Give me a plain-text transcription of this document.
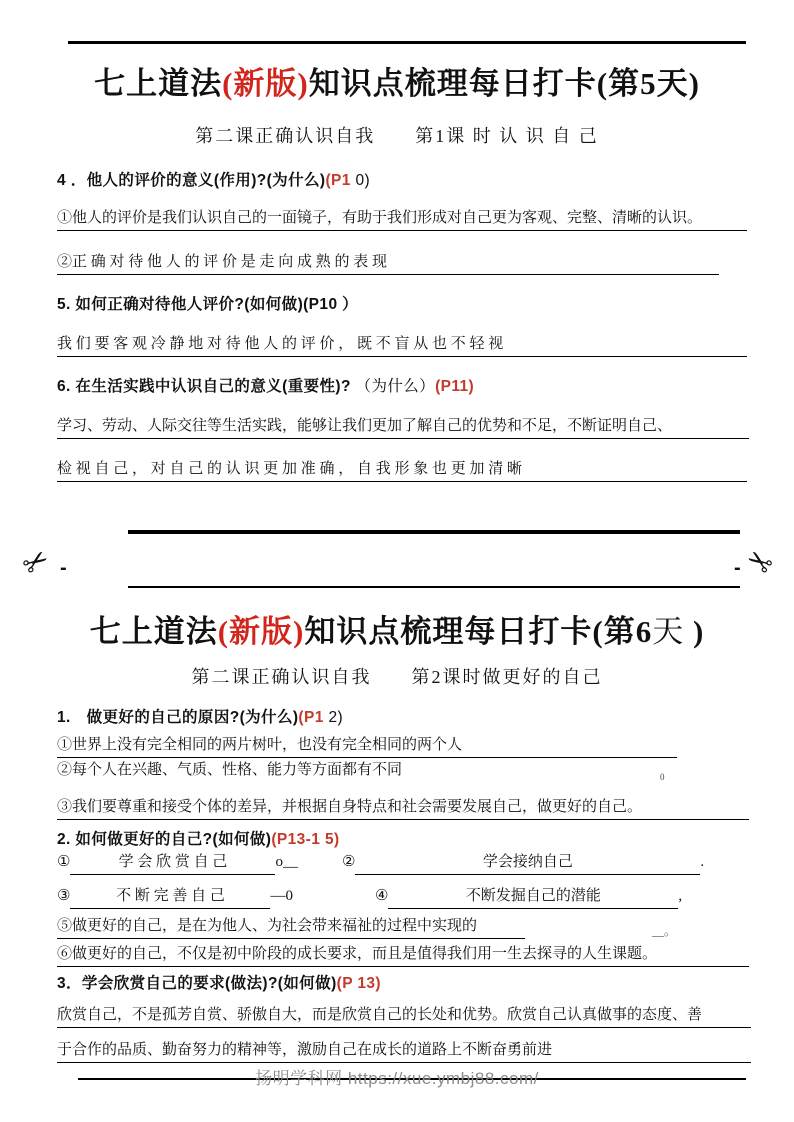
七上道法(新版)知识点梳理每日打卡(第5天)
第二课正确认识自我　　第1课 时 认 识 自 己
4 ．他人的评价的意义(作用)?(为什么)(P1 0)
①他人的评价是我们认识自己的一面镜子，有助于我们形成对自己更为客观、完整、清晰的认识。
②正 确 对 待 他 人 的 评 价 是 走 向 成 熟 的 表 现
5. 如何正确对待他人评价?(如何做)(P10 ）
我 们 要 客 观 冷 静 地 对 待 他 人 的 评 价 ， 既 不 盲 从 也 不 轻 视
6. 在生活实践中认识自己的意义(重要性)? （为什么）(P11)
学习、劳动、人际交往等生活实践，能够让我们更加了解自己的优势和不足，不断证明自己、
检 视 自 己 ， 对 自 己 的 认 识 更 加 准 确 ， 自 我 形 象 也 更 加 清 晰
✂ -	-
✂
七上道法(新版)知识点梳理每日打卡(第6天 )
第二课正确认识自我　　第2课时做更好的自己
1.　做更好的自己的原因?(为什么)(P1 2)
①世界上没有完全相同的两片树叶，也没有完全相同的两个人
②每个人在兴趣、气质、性格、能力等方面都有不同	0
③我们要尊重和接受个体的差异，并根据自身特点和社会需要发展自己，做更好的自己。
2. 如何做更好的自己?(如何做)(P13-1 5)
①	学 会 欣 赏 自 己	o__	②	学会接纳自己	.
③	不 断 完 善 自 己	—0	④	不断发掘自己的潜能	,
⑤做更好的自己，是在为他人、为社会带来福祉的过程中实现的	__。
⑥做更好的自己，不仅是初中阶段的成长要求，而且是值得我们用一生去探寻的人生课题。
3．学会欣赏自己的要求(做法)?(如何做)(P 13)
欣赏自己，不是孤芳自赏、骄傲自大，而是欣赏自己的长处和优势。欣赏自己认真做事的态度、善
于合作的品质、勤奋努力的精神等，激励自己在成长的道路上不断奋勇前进
扬明学科网 https://xue.ymbj88.com/
